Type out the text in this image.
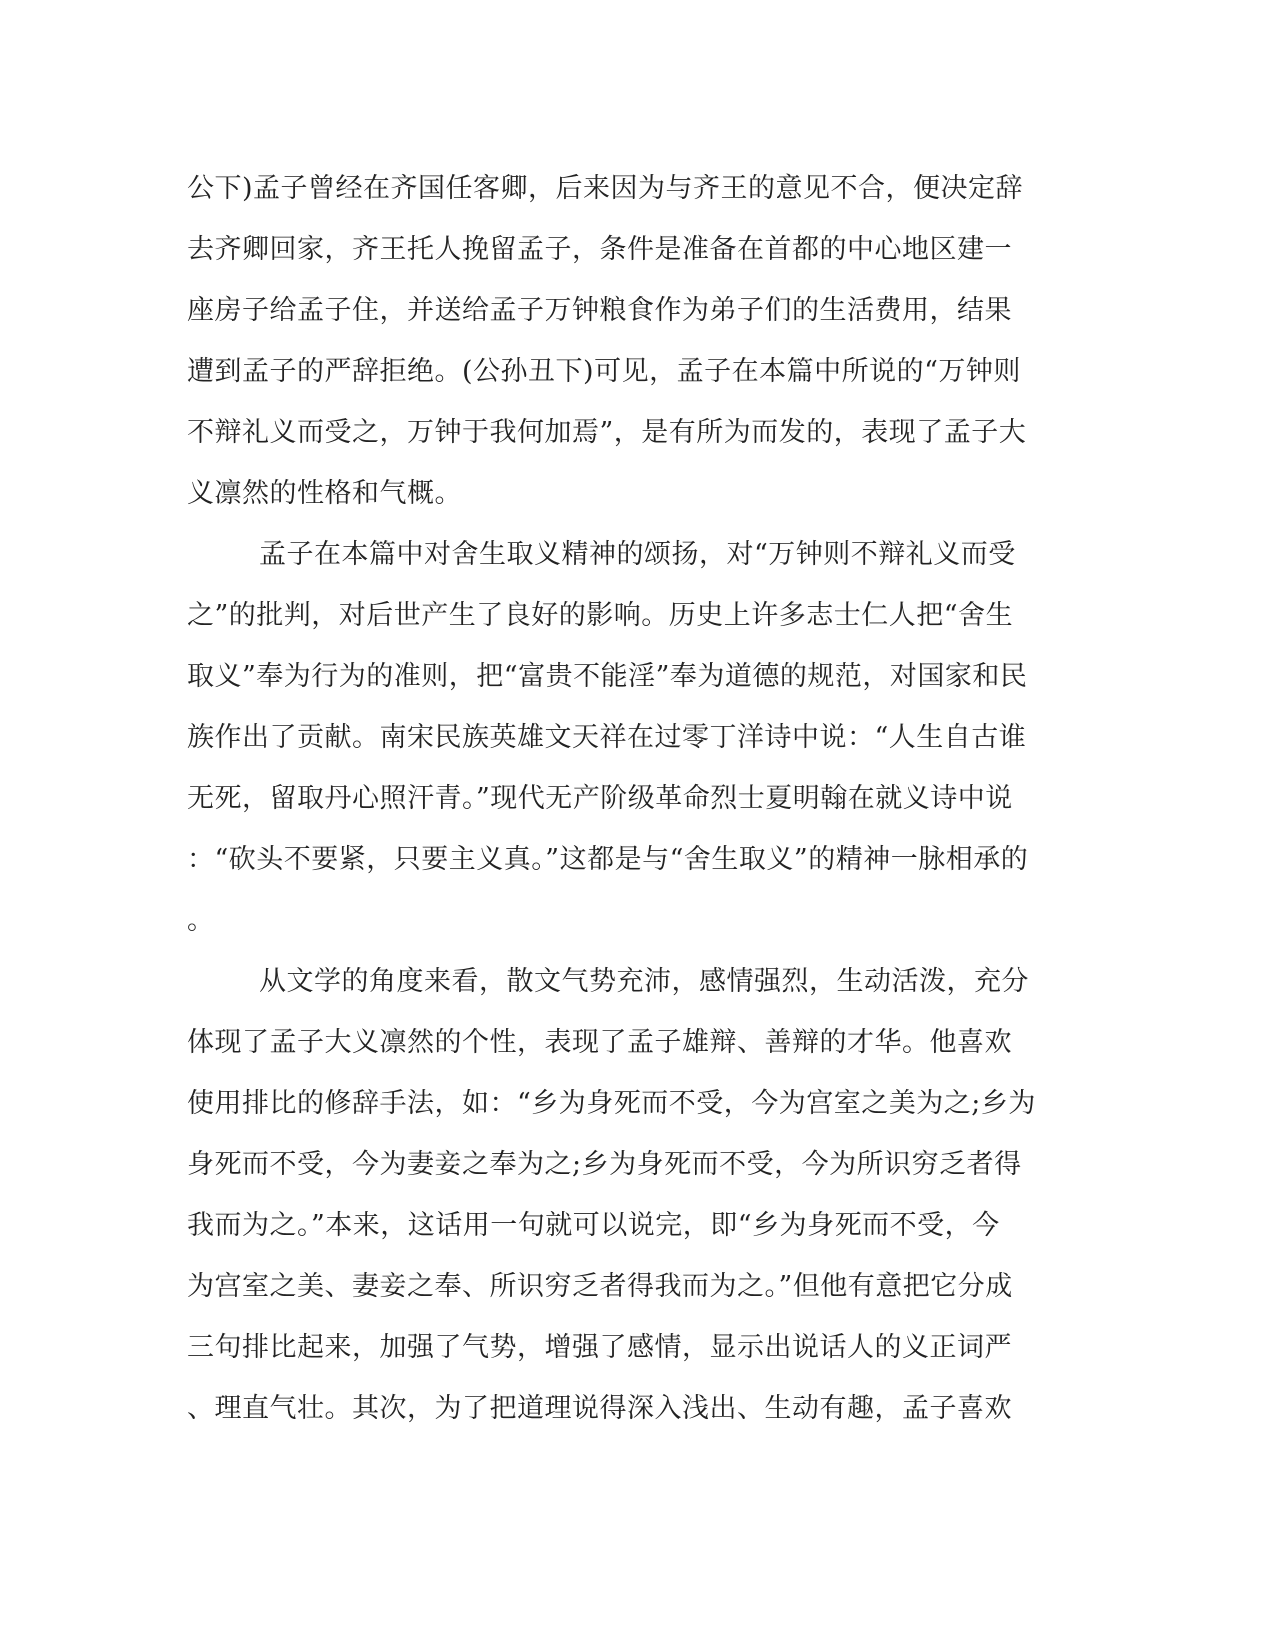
公下)孟子曾经在齐国任客卿，后来因为与齐王的意见不合，便决定辞
去齐卿回家，齐王托人挽留孟子，条件是准备在首都的中心地区建一
座房子给孟子住，并送给孟子万钟粮食作为弟子们的生活费用，结果
遭到孟子的严辞拒绝。(公孙丑下)可见，孟子在本篇中所说的“万钟则
不辩礼义而受之，万钟于我何加焉”，是有所为而发的，表现了孟子大
义凛然的性格和气概。
孟子在本篇中对舍生取义精神的颂扬，对“万钟则不辩礼义而受
之”的批判，对后世产生了良好的影响。历史上许多志士仁人把“舍生
取义”奉为行为的准则，把“富贵不能淫”奉为道德的规范，对国家和民
族作出了贡献。南宋民族英雄文天祥在过零丁洋诗中说：“人生自古谁
无死，留取丹心照汗青。”现代无产阶级革命烈士夏明翰在就义诗中说
：“砍头不要紧，只要主义真。”这都是与“舍生取义”的精神一脉相承的
。
从文学的角度来看，散文气势充沛，感情强烈，生动活泼，充分
体现了孟子大义凛然的个性，表现了孟子雄辩、善辩的才华。他喜欢
使用排比的修辞手法，如：“乡为身死而不受，今为宫室之美为之;乡为
身死而不受，今为妻妾之奉为之;乡为身死而不受，今为所识穷乏者得
我而为之。”本来，这话用一句就可以说完，即“乡为身死而不受，今
为宫室之美、妻妾之奉、所识穷乏者得我而为之。”但他有意把它分成
三句排比起来，加强了气势，增强了感情，显示出说话人的义正词严
、理直气壮。其次，为了把道理说得深入浅出、生动有趣，孟子喜欢
